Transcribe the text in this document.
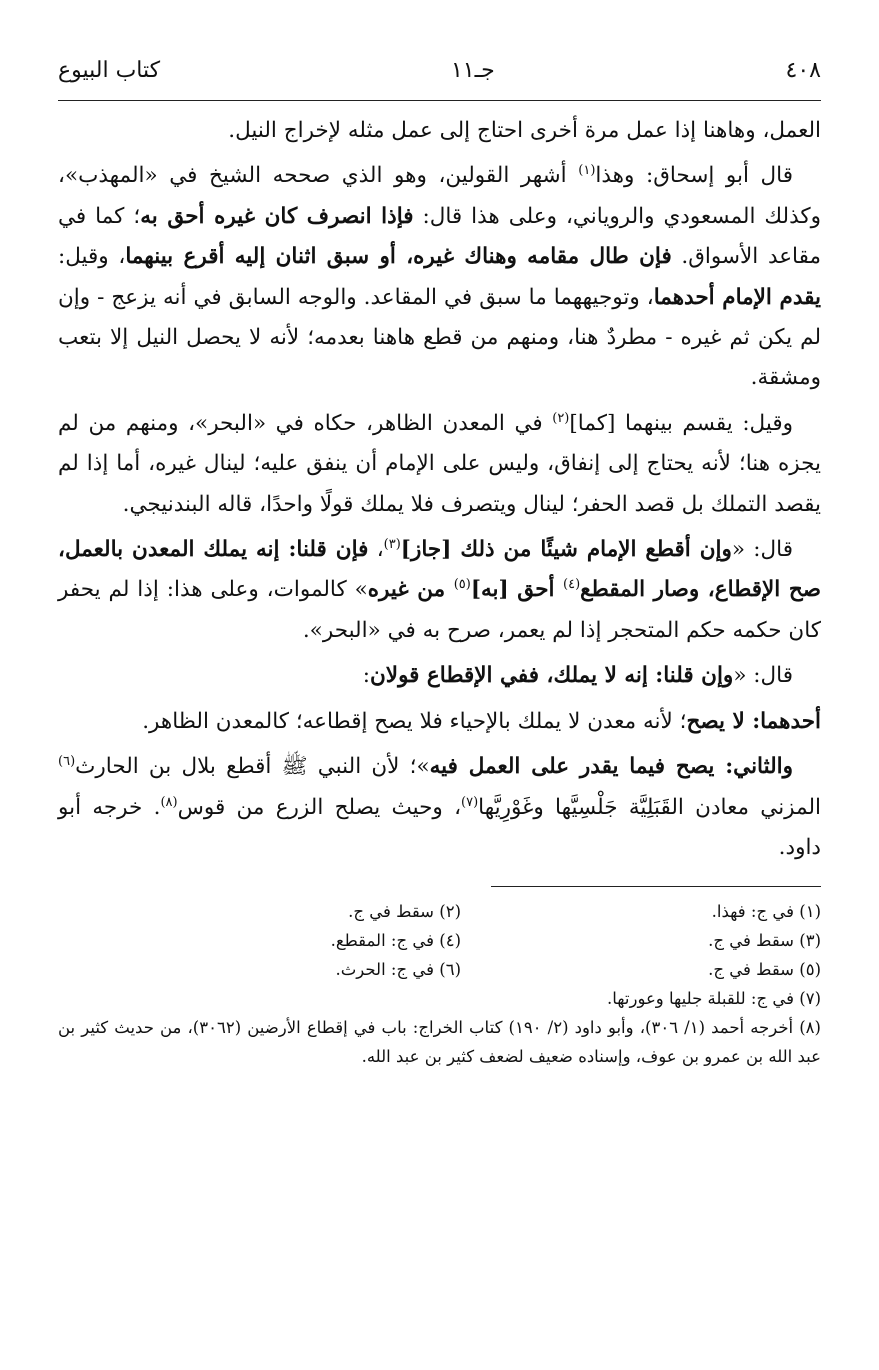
٤٠٨
جـ١١
كتاب البيوع

العمل، وهاهنا إذا عمل مرة أخرى احتاج إلى عمل مثله لإخراج النيل.

قال أبو إسحاق: وهذا$^{(١)}$ أشهر القولين، وهو الذي صححه الشيخ في «المهذب»، وكذلك المسعودي والروياني، وعلى هذا قال: فإذا انصرف كان غيره أحق به؛ كما في مقاعد الأسواق. فإن طال مقامه وهناك غيره، أو سبق اثنان إليه أقرع بينهما، وقيل: يقدم الإمام أحدهما، وتوجيههما ما سبق في المقاعد. والوجه السابق في أنه يزعج - وإن لم يكن ثم غيره - مطردٌ هنا، ومنهم من قطع هاهنا بعدمه؛ لأنه لا يحصل النيل إلا بتعب ومشقة.

وقيل: يقسم بينهما [كما]$^{(٢)}$ في المعدن الظاهر، حكاه في «البحر»، ومنهم من لم يجزه هنا؛ لأنه يحتاج إلى إنفاق، وليس على الإمام أن ينفق عليه؛ لينال غيره، أما إذا لم يقصد التملك بل قصد الحفر؛ لينال ويتصرف فلا يملك قولًا واحدًا، قاله البندنيجي.

قال: «وإن أقطع الإمام شيئًا من ذلك [جاز]$^{(٣)}$، فإن قلنا: إنه يملك المعدن بالعمل، صح الإقطاع، وصار المقطع$^{(٤)}$ أحق [به]$^{(٥)}$ من غيره» كالموات، وعلى هذا: إذا لم يحفر كان حكمه حكم المتحجر إذا لم يعمر، صرح به في «البحر».

قال: «وإن قلنا: إنه لا يملك، ففي الإقطاع قولان:

أحدهما: لا يصح؛ لأنه معدن لا يملك بالإحياء فلا يصح إقطاعه؛ كالمعدن الظاهر.

والثاني: يصح فيما يقدر على العمل فيه»؛ لأن النبي ﷺ أقطع بلال بن الحارث$^{(٦)}$ المزني معادن القَبَلِيَّة جَلْسِيَّها وغَوْرِيَّها$^{(٧)}$، وحيث يصلح الزرع من قوس$^{(٨)}$. خرجه أبو داود.

(١) في ج: فهذا.
(٢) سقط في ج.
(٣) سقط في ج.
(٤) في ج: المقطع.
(٥) سقط في ج.
(٦) في ج: الحرث.

(٧) في ج: للقبلة جليها وعورتها.

(٨) أخرجه أحمد (١/ ٣٠٦)، وأبو داود (٢/ ١٩٠) كتاب الخراج: باب في إقطاع الأرضين (٣٠٦٢)، من حديث كثير بن عبد الله بن عمرو بن عوف، وإسناده ضعيف لضعف كثير بن عبد الله.
